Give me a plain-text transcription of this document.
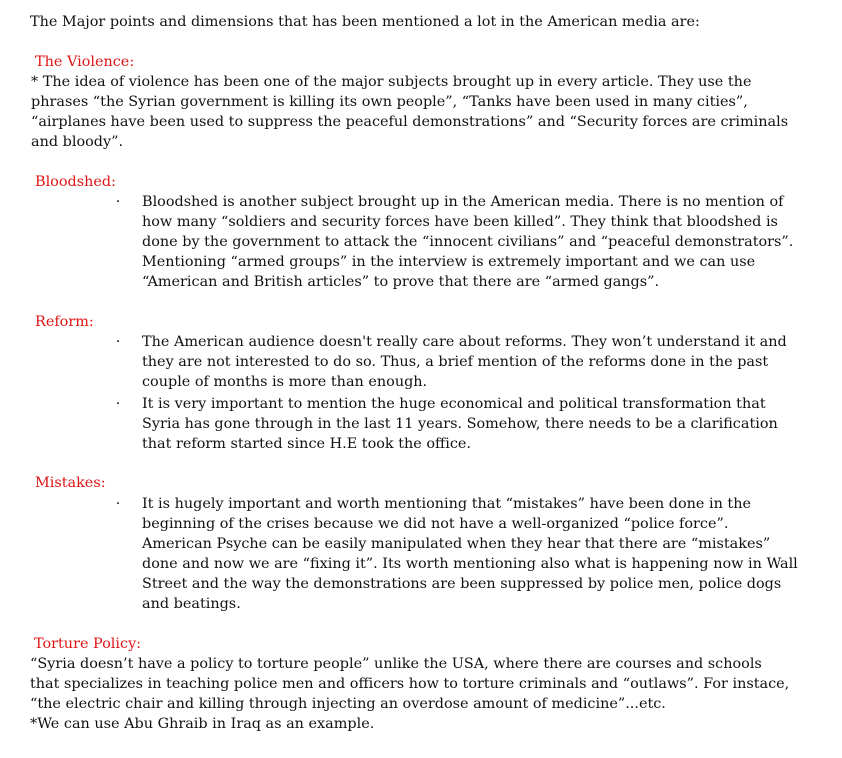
The Major points and dimensions that has been mentioned a lot in the American media are:

The Violence:

* The idea of violence has been one of the major subjects brought up in every article. They use the
phrases “the Syrian government is killing its own people”, “Tanks have been used in many cities”,
“airplanes have been used to suppress the peaceful demonstrations” and “Security forces are criminals
and bloody”.

Bloodshed:

· Bloodshed is another subject brought up in the American media. There is no mention of
how many “soldiers and security forces have been killed”. They think that bloodshed is
done by the government to attack the “innocent civilians” and “peaceful demonstrators”.
Mentioning “armed groups” in the interview is extremely important and we can use
“American and British articles” to prove that there are “armed gangs”.

Reform:

· The American audience doesn't really care about reforms. They won’t understand it and
they are not interested to do so. Thus, a brief mention of the reforms done in the past
couple of months is more than enough.
· It is very important to mention the huge economical and political transformation that
Syria has gone through in the last 11 years. Somehow, there needs to be a clarification
that reform started since H.E took the office.

Mistakes:

· It is hugely important and worth mentioning that “mistakes” have been done in the
beginning of the crises because we did not have a well-organized “police force”.
American Psyche can be easily manipulated when they hear that there are “mistakes”
done and now we are “fixing it”. Its worth mentioning also what is happening now in Wall
Street and the way the demonstrations are been suppressed by police men, police dogs
and beatings.

Torture Policy:

“Syria doesn’t have a policy to torture people” unlike the USA, where there are courses and schools
that specializes in teaching police men and officers how to torture criminals and “outlaws”. For instace,
“the electric chair and killing through injecting an overdose amount of medicine”...etc.
*We can use Abu Ghraib in Iraq as an example.
